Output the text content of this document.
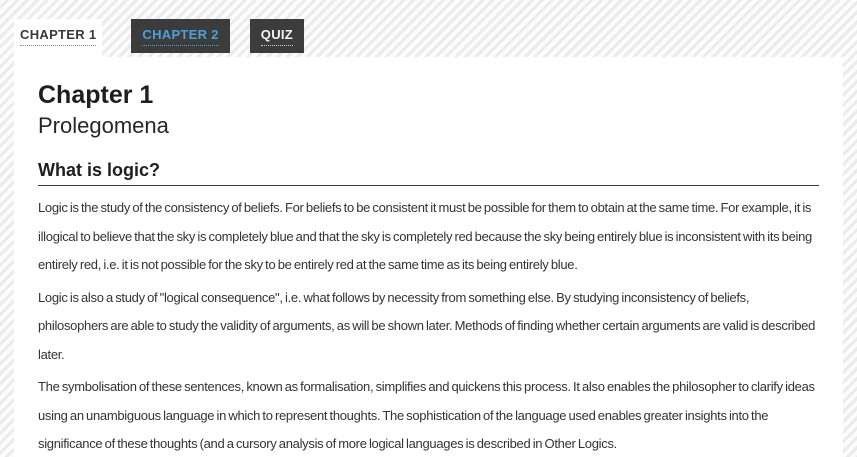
CHAPTER 1	CHAPTER 2	QUIZ
Chapter 1
Prolegomena
What is logic?

Logic is the study of the consistency of beliefs. For beliefs to be consistent it must be possible for them to obtain at the same time. For example, it is illogical to believe that the sky is completely blue and that the sky is completely red because the sky being entirely blue is inconsistent with its being entirely red, i.e. it is not possible for the sky to be entirely red at the same time as its being entirely blue.

Logic is also a study of "logical consequence", i.e. what follows by necessity from something else. By studying inconsistency of beliefs, philosophers are able to study the validity of arguments, as will be shown later. Methods of finding whether certain arguments are valid is described later.

The symbolisation of these sentences, known as formalisation, simplifies and quickens this process. It also enables the philosopher to clarify ideas using an unambiguous language in which to represent thoughts. The sophistication of the language used enables greater insights into the significance of these thoughts (and a cursory analysis of more logical languages is described in Other Logics.
